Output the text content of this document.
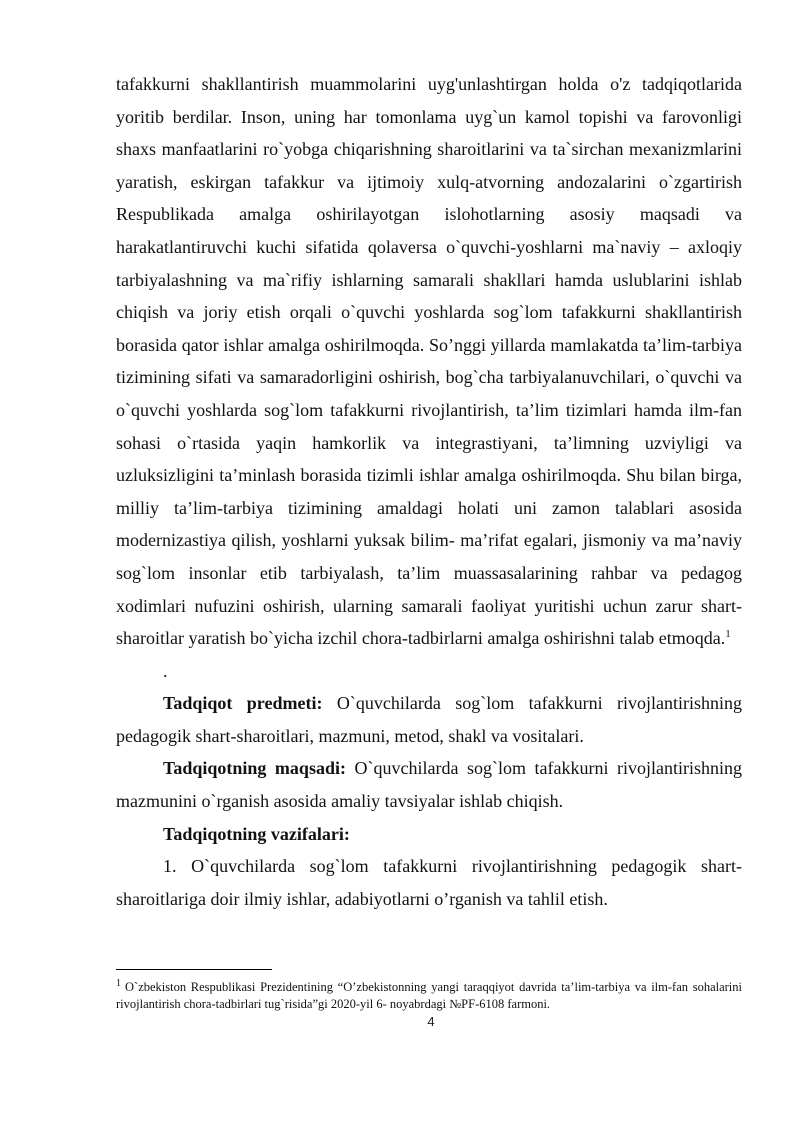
tafakkurni shakllantirish muammolarini uyg'unlashtirgan holda o'z tadqiqotlarida yoritib berdilar. Inson, uning har tomonlama uyg`un kamol topishi va farovonligi shaxs manfaatlarini ro`yobga chiqarishning sharoitlarini va ta`sirchan mexanizmlarini yaratish, eskirgan tafakkur va ijtimoiy xulq-atvorning andozalarini o`zgartirish Respublikada amalga oshirilayotgan islohotlarning asosiy maqsadi va harakatlantiruvchi kuchi sifatida qolaversa o`quvchi-yoshlarni ma`naviy – axloqiy tarbiyalashning va ma`rifiy ishlarning samarali shakllari hamda uslublarini ishlab chiqish va joriy etish orqali o`quvchi yoshlarda sog`lom tafakkurni shakllantirish borasida qator ishlar amalga oshirilmoqda. So’nggi yillarda mamlakatda ta’lim-tarbiya tizimining sifati va samaradorligini oshirish, bog`cha tarbiyalanuvchilari, o`quvchi va o`quvchi yoshlarda sog`lom tafakkurni rivojlantirish, ta’lim tizimlari hamda ilm-fan sohasi o`rtasida yaqin hamkorlik va integrastiyani, ta’limning uzviyligi va uzluksizligini ta’minlash borasida tizimli ishlar amalga oshirilmoqda. Shu bilan birga, milliy ta’lim-tarbiya tizimining amaldagi holati uni zamon talablari asosida modernizastiya qilish, yoshlarni yuksak bilim- ma’rifat egalari, jismoniy va ma’naviy sog`lom insonlar etib tarbiyalash, ta’lim muassasalarining rahbar va pedagog xodimlari nufuzini oshirish, ularning samarali faoliyat yuritishi uchun zarur shart-sharoitlar yaratish bo`yicha izchil chora-tadbirlarni amalga oshirishni talab etmoqda.$^1$

.

Tadqiqot predmeti: O`quvchilarda sog`lom tafakkurni rivojlantirishning pedagogik shart-sharoitlari, mazmuni, metod, shakl va vositalari.

Tadqiqotning maqsadi: O`quvchilarda sog`lom tafakkurni rivojlantirishning mazmunini o`rganish asosida amaliy tavsiyalar ishlab chiqish.

Tadqiqotning vazifalari:

1. O`quvchilarda sog`lom tafakkurni rivojlantirishning pedagogik shart-sharoitlariga doir ilmiy ishlar, adabiyotlarni o’rganish va tahlil etish.

$^1$ O`zbekiston Respublikasi Prezidentining “O’zbekistonning yangi taraqqiyot davrida ta’lim-tarbiya va ilm-fan sohalarini rivojlantirish chora-tadbirlari tug`risida”gi 2020-yil 6- noyabrdagi №PF-6108 farmoni.
4
